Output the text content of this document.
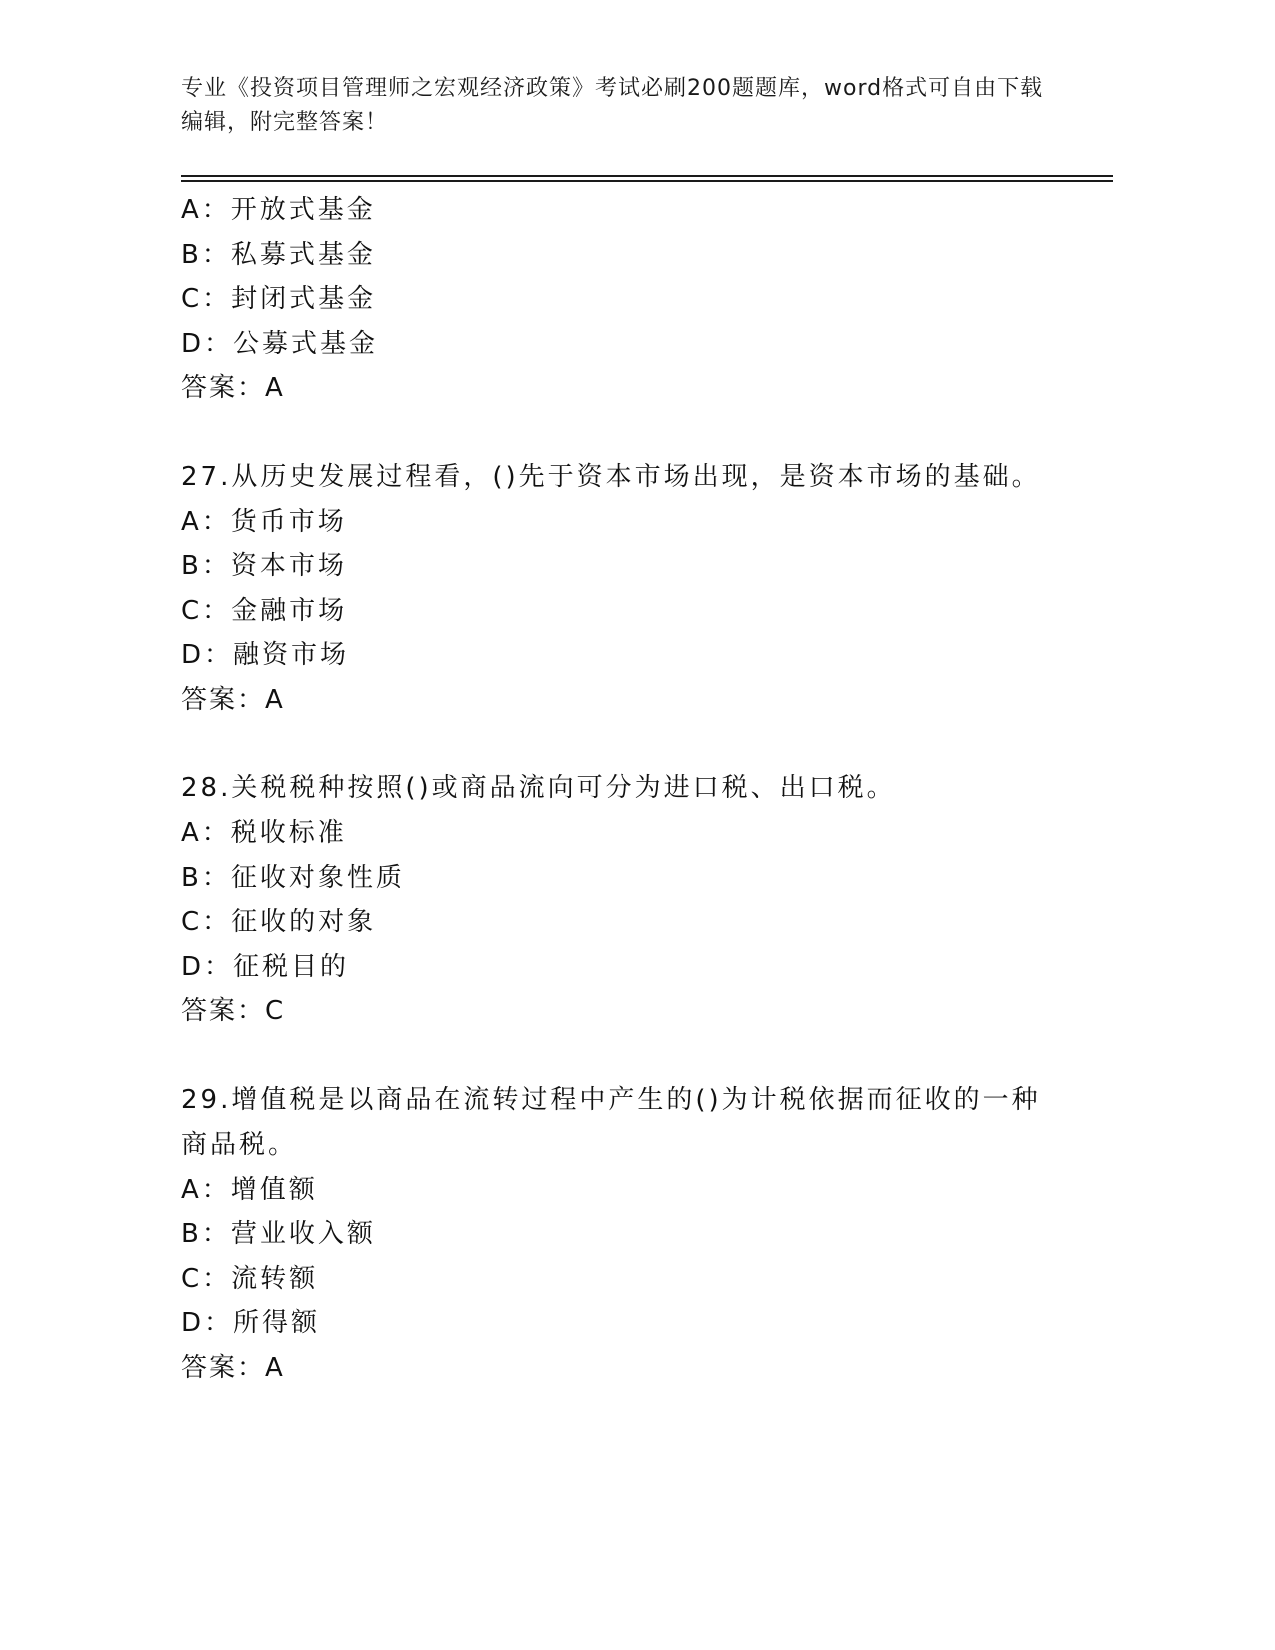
专业《投资项目管理师之宏观经济政策》考试必刷200题题库，word格式可自由下载编辑，附完整答案！
A：开放式基金
B：私募式基金
C：封闭式基金
D：公募式基金
答案：A
27.从历史发展过程看，()先于资本市场出现，是资本市场的基础。
A：货币市场
B：资本市场
C：金融市场
D：融资市场
答案：A
28.关税税种按照()或商品流向可分为进口税、出口税。
A：税收标准
B：征收对象性质
C：征收的对象
D：征税目的
答案：C
29.增值税是以商品在流转过程中产生的()为计税依据而征收的一种商品税。
A：增值额
B：营业收入额
C：流转额
D：所得额
答案：A
